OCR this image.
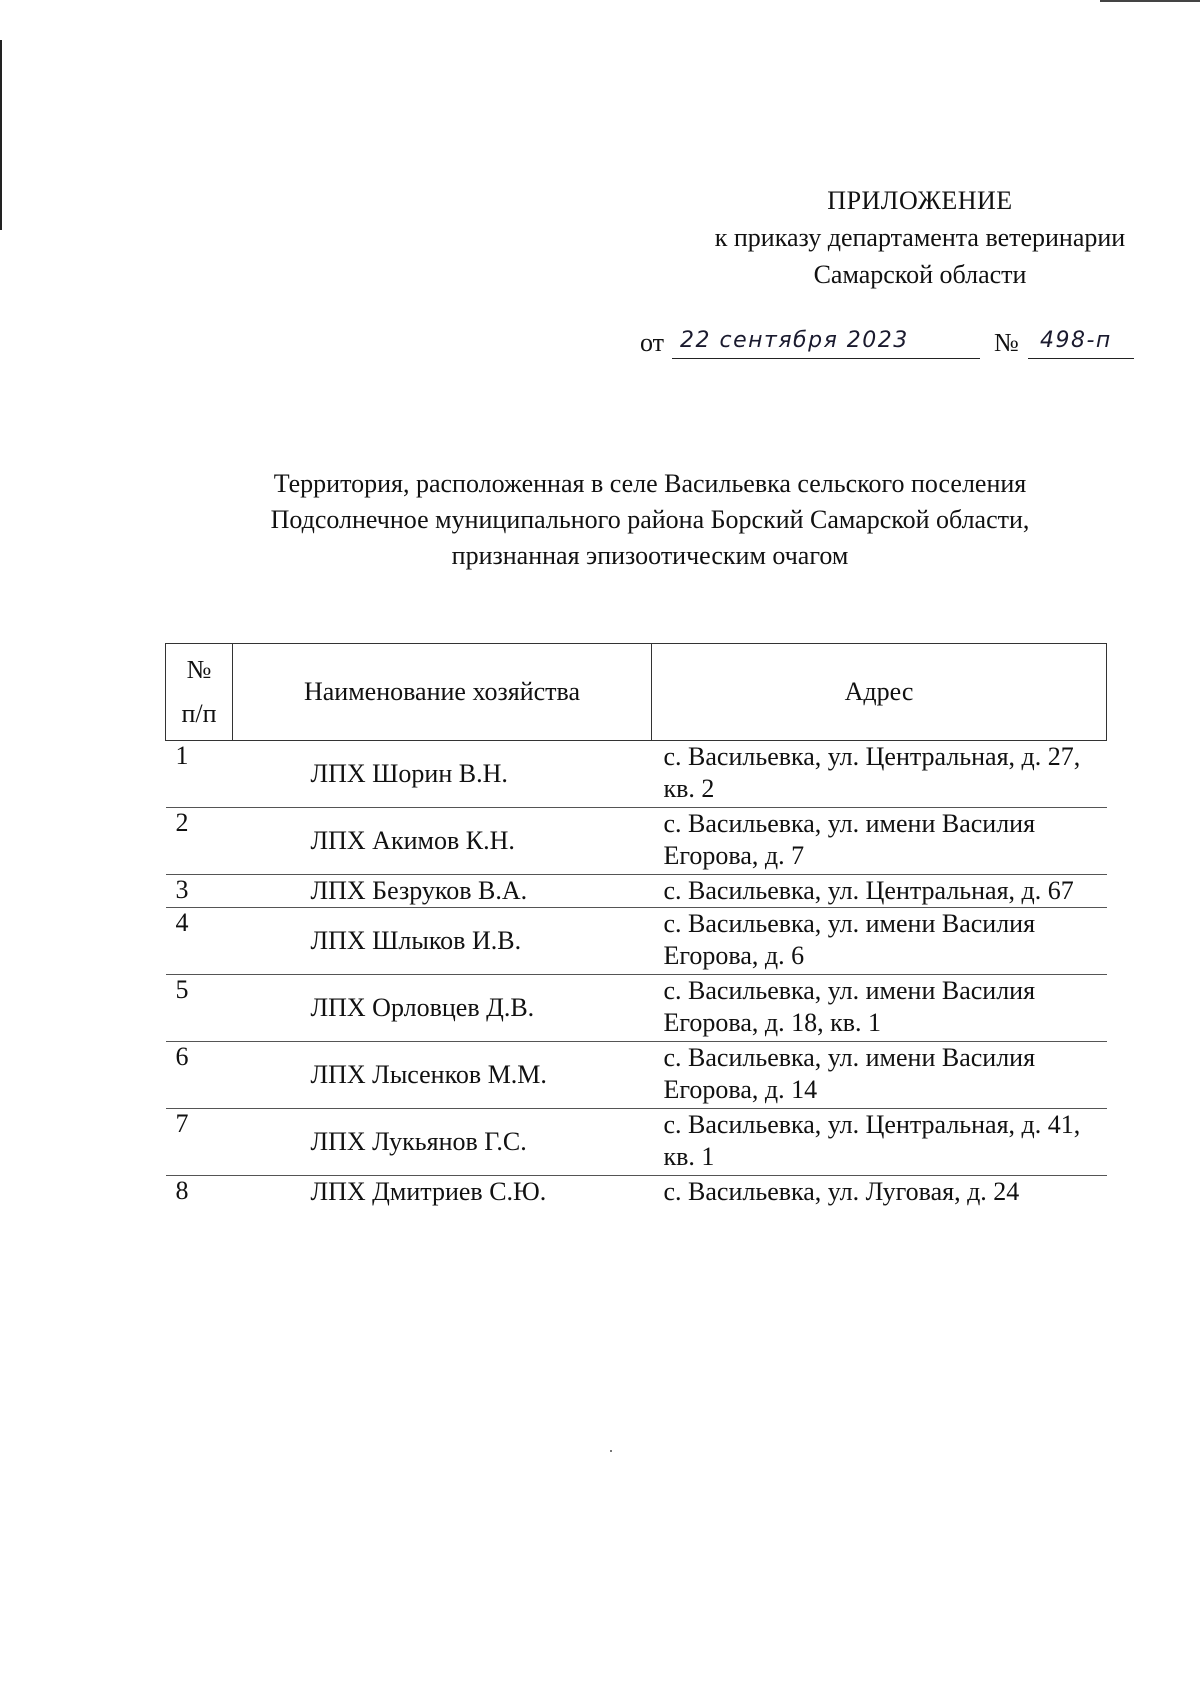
ПРИЛОЖЕНИЕ
к приказу департамента ветеринарии
Самарской области
от 22 сентября 2023	№ 498-п
Территория, расположенная в селе Васильевка сельского поселения
Подсолнечное муниципального района Борский Самарской области,
признанная эпизоотическим очагом
№
п/п	Наименование хозяйства	Адрес
1	ЛПХ Шорин В.Н.	с. Васильевка, ул. Центральная, д. 27,
кв. 2

2	ЛПХ Акимов К.Н.	с. Васильевка, ул. имени Василия
Егорова, д. 7

3	ЛПХ Безруков В.А.	с. Васильевка, ул. Центральная, д. 67

4	ЛПХ Шлыков И.В.	с. Васильевка, ул. имени Василия
Егорова, д. 6

5	ЛПХ Орловцев Д.В.	с. Васильевка, ул. имени Василия
Егорова, д. 18, кв. 1

6	ЛПХ Лысенков М.М.	с. Васильевка, ул. имени Василия
Егорова, д. 14

7	ЛПХ Лукьянов Г.С.	с. Васильевка, ул. Центральная, д. 41,
кв. 1

8	ЛПХ Дмитриев С.Ю.	с. Васильевка, ул. Луговая, д. 24
